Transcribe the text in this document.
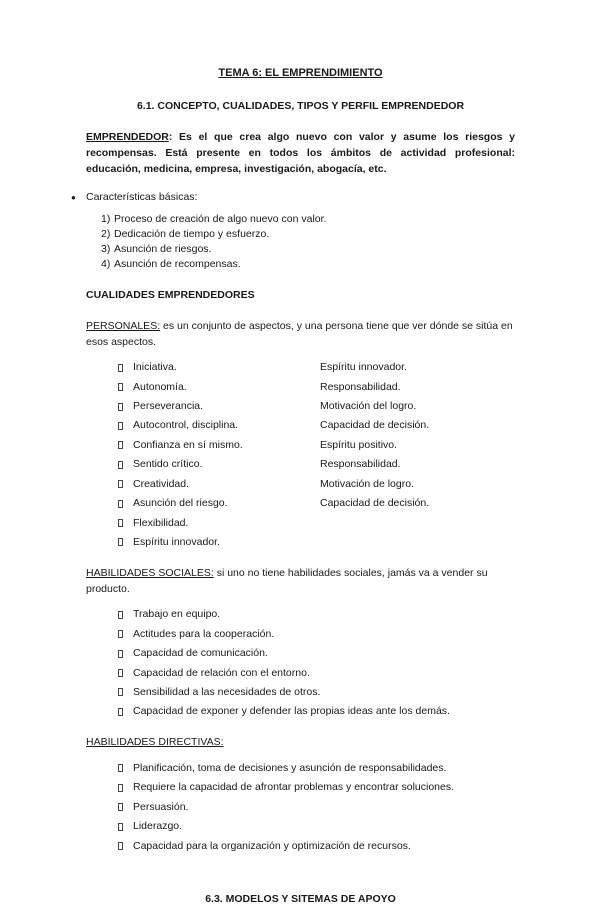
TEMA 6: EL EMPRENDIMIENTO
6.1. CONCEPTO, CUALIDADES, TIPOS Y PERFIL EMPRENDEDOR

EMPRENDEDOR: Es el que crea algo nuevo con valor y asume los riesgos y recompensas. Está presente en todos los ámbitos de actividad profesional: educación, medicina, empresa, investigación, abogacía, etc.

● Características básicas:
1) Proceso de creación de algo nuevo con valor.
2) Dedicación de tiempo y esfuerzo.
3) Asunción de riesgos.
4) Asunción de recompensas.
CUALIDADES EMPRENDEDORES

PERSONALES: es un conjunto de aspectos, y una persona tiene que ver dónde se sitúa en esos aspectos.

Iniciativa.	Espíritu innovador.
Autonomía.	Responsabilidad.
Perseverancia.	Motivación del logro.
Autocontrol, disciplina.	Capacidad de decisión.
Confianza en sí mismo.	Espíritu positivo.
Sentido crítico.	Responsabilidad.
Creatividad.	Motivación de logro.
Asunción del riesgo.	Capacidad de decisión.
Flexibilidad.
Espíritu innovador.

HABILIDADES SOCIALES: si uno no tiene habilidades sociales, jamás va a vender su producto.

Trabajo en equipo.
Actitudes para la cooperación.
Capacidad de comunicación.
Capacidad de relación con el entorno.
Sensibilidad a las necesidades de otros.
Capacidad de exponer y defender las propias ideas ante los demás.

HABILIDADES DIRECTIVAS:

Planificación, toma de decisiones y asunción de responsabilidades.
Requiere la capacidad de afrontar problemas y encontrar soluciones.
Persuasión.
Liderazgo.
Capacidad para la organización y optimización de recursos.
6.3. MODELOS Y SITEMAS DE APOYO
